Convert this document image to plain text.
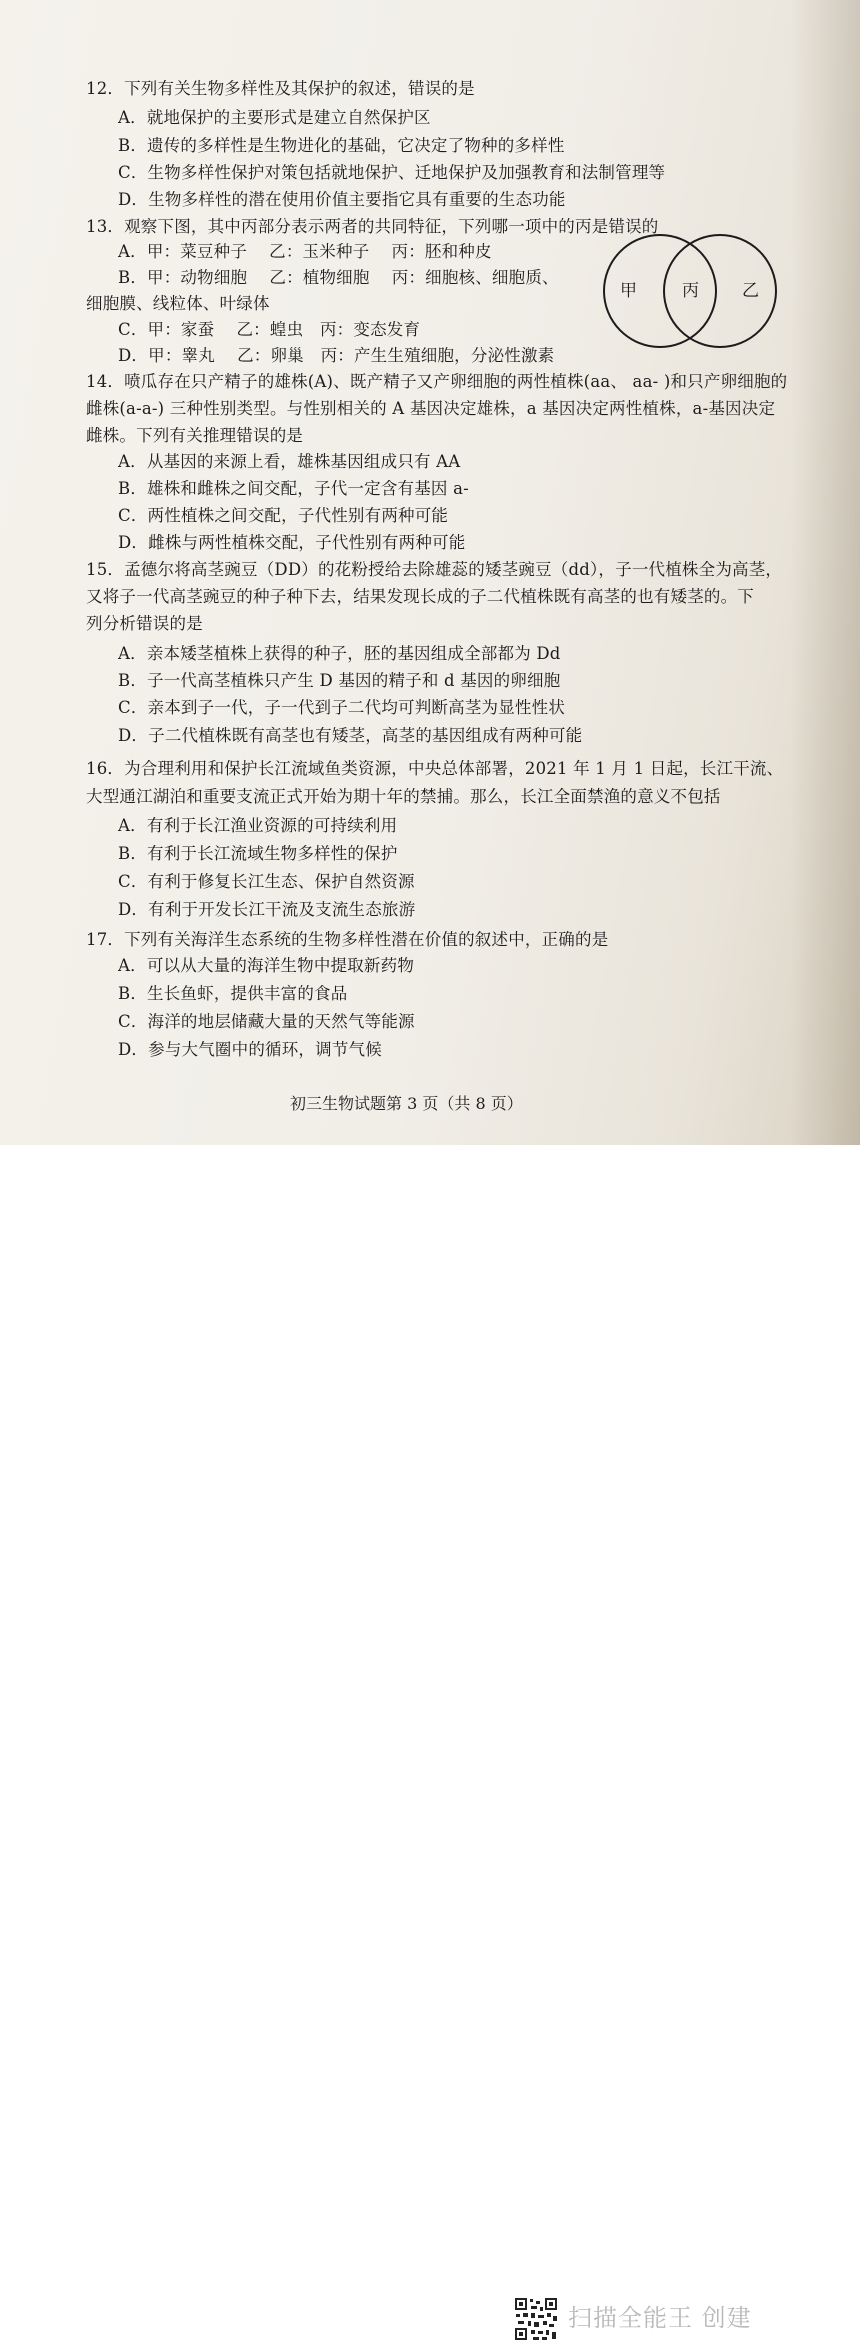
12．下列有关生物多样性及其保护的叙述，错误的是
A．就地保护的主要形式是建立自然保护区
B．遗传的多样性是生物进化的基础，它决定了物种的多样性
C．生物多样性保护对策包括就地保护、迁地保护及加强教育和法制管理等
D．生物多样性的潜在使用价值主要指它具有重要的生态功能
13．观察下图，其中丙部分表示两者的共同特征，下列哪一项中的丙是错误的
A．甲：菜豆种子　 乙：玉米种子　 丙：胚和种皮
B．甲：动物细胞　 乙：植物细胞　 丙：细胞核、细胞质、
细胞膜、线粒体、叶绿体
C．甲：家蚕　 乙：蝗虫　丙：变态发育
D．甲：睾丸　 乙：卵巢　丙：产生生殖细胞，分泌性激素
甲	丙	乙
14．喷瓜存在只产精子的雄株(A)、既产精子又产卵细胞的两性植株(aa、 aa- )和只产卵细胞的
雌株(a-a-) 三种性别类型。与性别相关的 A 基因决定雄株，a 基因决定两性植株，a-基因决定
雌株。下列有关推理错误的是
A．从基因的来源上看，雄株基因组成只有 AA
B．雄株和雌株之间交配，子代一定含有基因 a-
C．两性植株之间交配，子代性别有两种可能
D．雌株与两性植株交配，子代性别有两种可能
15．孟德尔将高茎豌豆（DD）的花粉授给去除雄蕊的矮茎豌豆（dd），子一代植株全为高茎，
又将子一代高茎豌豆的种子种下去，结果发现长成的子二代植株既有高茎的也有矮茎的。下
列分析错误的是
A．亲本矮茎植株上获得的种子，胚的基因组成全部都为 Dd
B．子一代高茎植株只产生 D 基因的精子和 d 基因的卵细胞
C．亲本到子一代，子一代到子二代均可判断高茎为显性性状
D．子二代植株既有高茎也有矮茎，高茎的基因组成有两种可能
16．为合理利用和保护长江流域鱼类资源，中央总体部署，2021 年 1 月 1 日起，长江干流、
大型通江湖泊和重要支流正式开始为期十年的禁捕。那么，长江全面禁渔的意义不包括
A．有利于长江渔业资源的可持续利用
B．有利于长江流域生物多样性的保护
C．有利于修复长江生态、保护自然资源
D．有利于开发长江干流及支流生态旅游
17．下列有关海洋生态系统的生物多样性潜在价值的叙述中，正确的是
A．可以从大量的海洋生物中提取新药物
B．生长鱼虾，提供丰富的食品
C．海洋的地层储藏大量的天然气等能源
D．参与大气圈中的循环，调节气候
初三生物试题第 3 页（共 8 页）
扫描全能王 创建
